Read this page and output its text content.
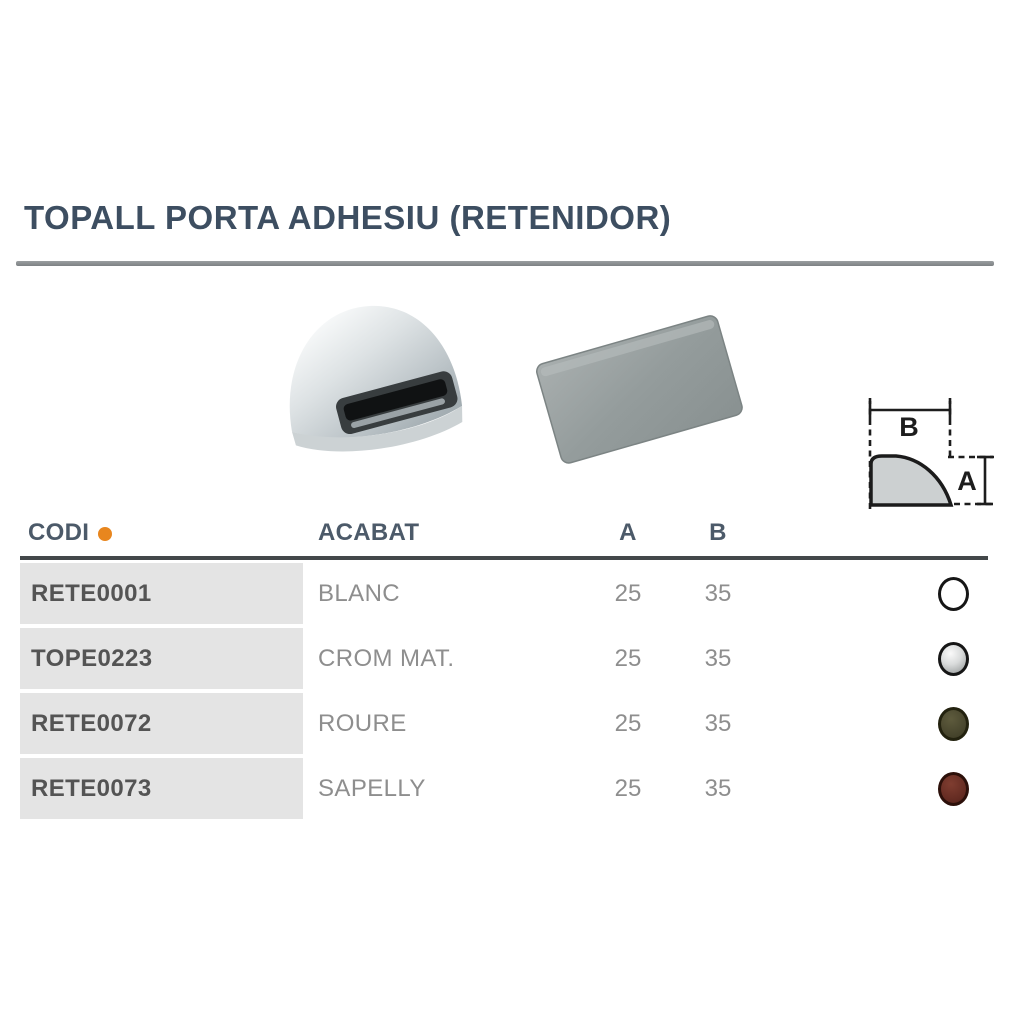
TOPALL PORTA ADHESIU (RETENIDOR)
B
A
CODI	ACABAT	A	B
RETE0001	BLANC	25	35
TOPE0223	CROM MAT.	25	35
RETE0072	ROURE	25	35
RETE0073	SAPELLY	25	35
